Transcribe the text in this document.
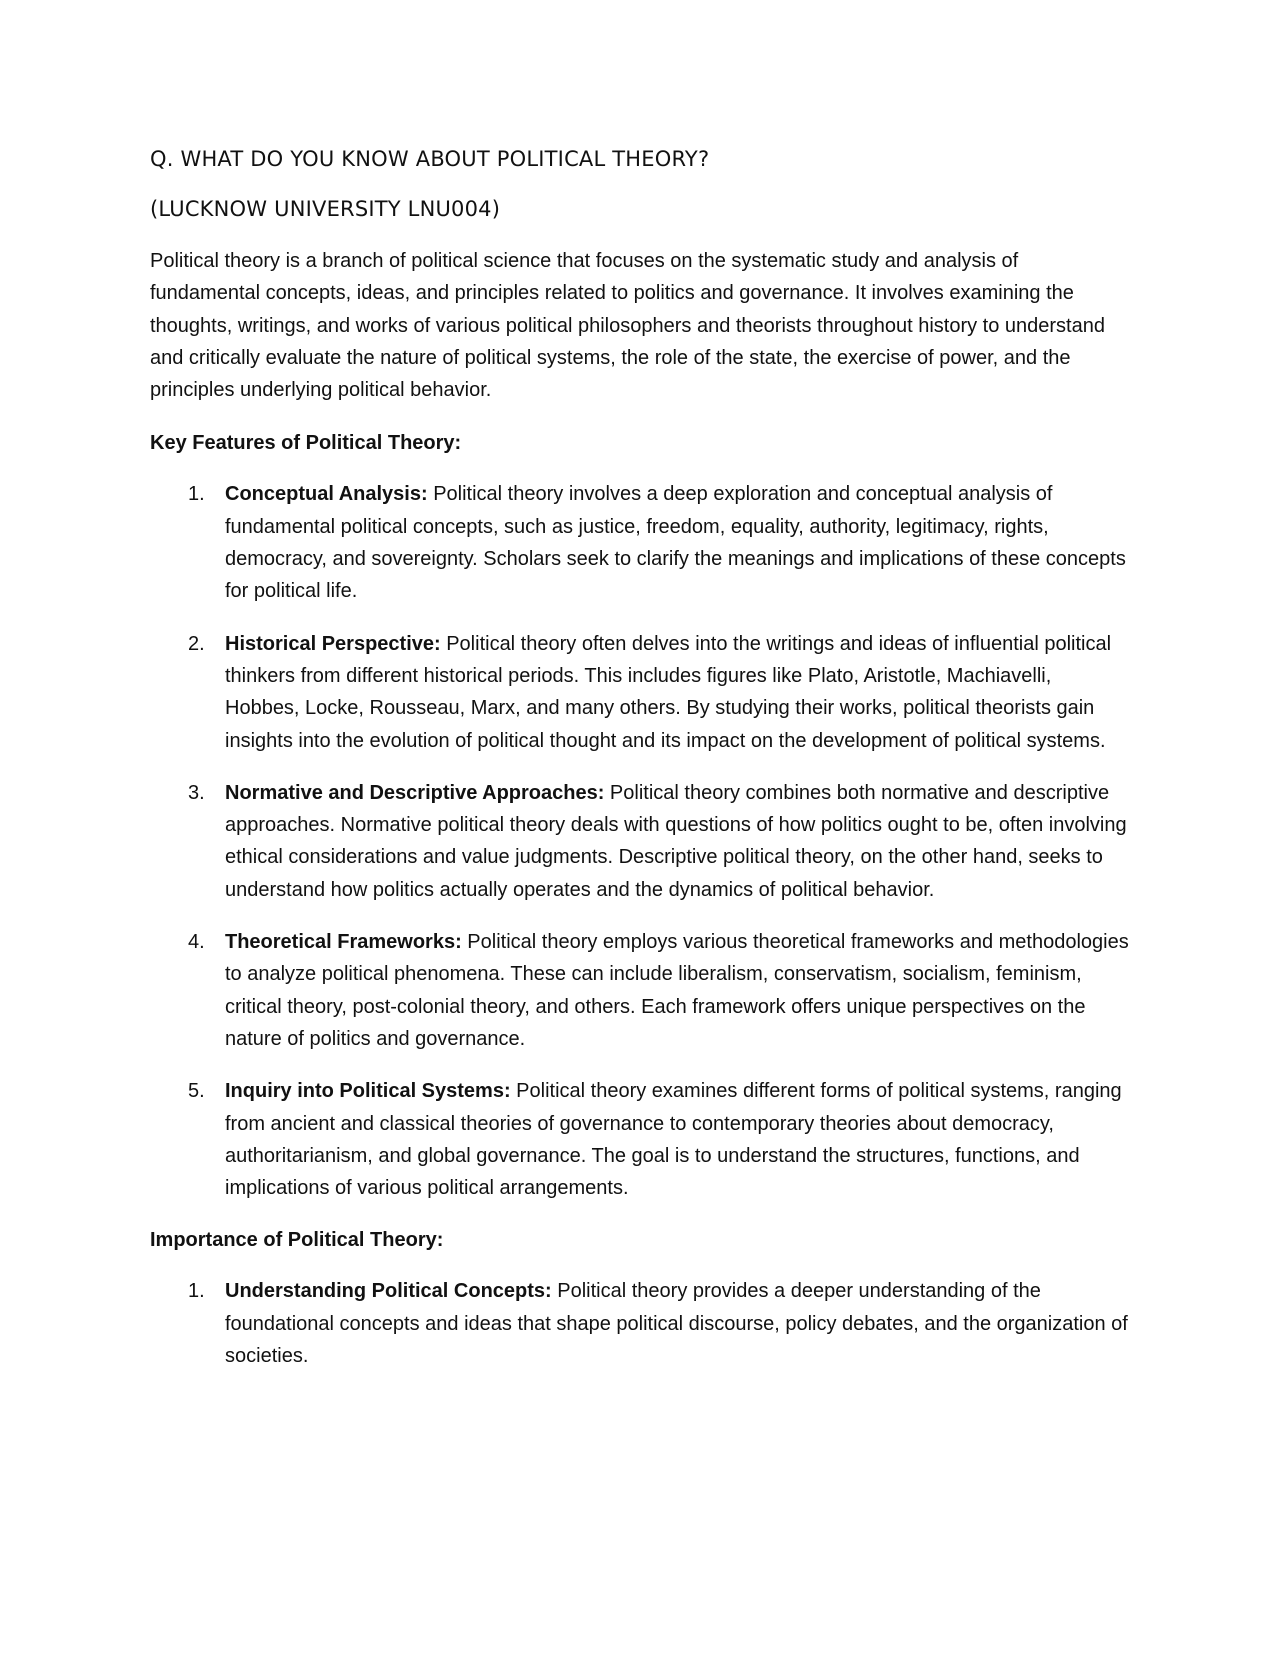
Q. WHAT DO YOU KNOW ABOUT POLITICAL THEORY?
(LUCKNOW UNIVERSITY LNU004)

Political theory is a branch of political science that focuses on the systematic study and analysis of fundamental concepts, ideas, and principles related to politics and governance. It involves examining the thoughts, writings, and works of various political philosophers and theorists throughout history to understand and critically evaluate the nature of political systems, the role of the state, the exercise of power, and the principles underlying political behavior.

Key Features of Political Theory:
1. Conceptual Analysis: Political theory involves a deep exploration and conceptual analysis of fundamental political concepts, such as justice, freedom, equality, authority, legitimacy, rights, democracy, and sovereignty. Scholars seek to clarify the meanings and implications of these concepts for political life.
2. Historical Perspective: Political theory often delves into the writings and ideas of influential political thinkers from different historical periods. This includes figures like Plato, Aristotle, Machiavelli, Hobbes, Locke, Rousseau, Marx, and many others. By studying their works, political theorists gain insights into the evolution of political thought and its impact on the development of political systems.
3. Normative and Descriptive Approaches: Political theory combines both normative and descriptive approaches. Normative political theory deals with questions of how politics ought to be, often involving ethical considerations and value judgments. Descriptive political theory, on the other hand, seeks to understand how politics actually operates and the dynamics of political behavior.
4. Theoretical Frameworks: Political theory employs various theoretical frameworks and methodologies to analyze political phenomena. These can include liberalism, conservatism, socialism, feminism, critical theory, post-colonial theory, and others. Each framework offers unique perspectives on the nature of politics and governance.
5. Inquiry into Political Systems: Political theory examines different forms of political systems, ranging from ancient and classical theories of governance to contemporary theories about democracy, authoritarianism, and global governance. The goal is to understand the structures, functions, and implications of various political arrangements.
Importance of Political Theory:
1. Understanding Political Concepts: Political theory provides a deeper understanding of the foundational concepts and ideas that shape political discourse, policy debates, and the organization of societies.
